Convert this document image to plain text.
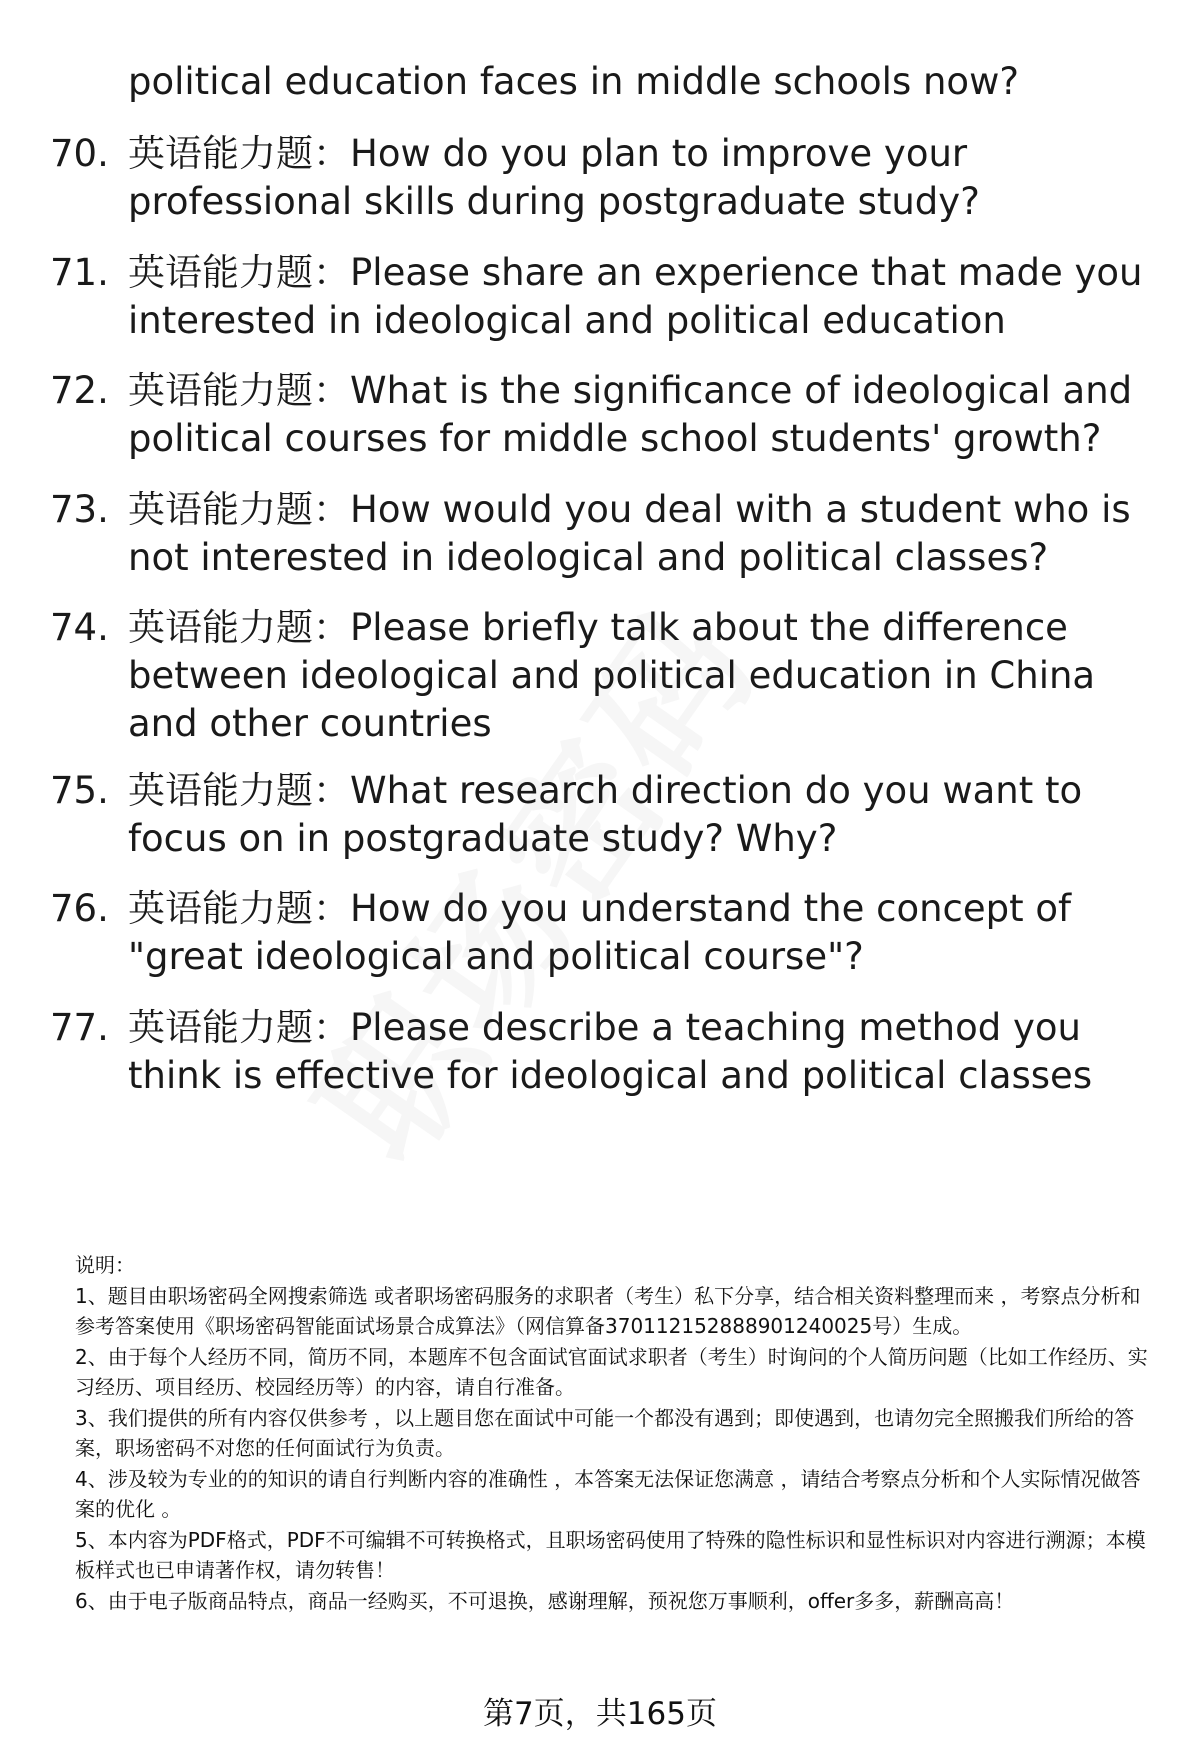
political education faces in middle schools now?
70. 英语能力题：How do you plan to improve your professional skills during postgraduate study?
71. 英语能力题：Please share an experience that made you interested in ideological and political education
72. 英语能力题：What is the significance of ideological and political courses for middle school students' growth?
73. 英语能力题：How would you deal with a student who is not interested in ideological and political classes?
74. 英语能力题：Please briefly talk about the difference between ideological and political education in China and other countries
75. 英语能力题：What research direction do you want to focus on in postgraduate study? Why?
76. 英语能力题：How do you understand the concept of "great ideological and political course"?
77. 英语能力题：Please describe a teaching method you think is effective for ideological and political classes

说明：

1、题目由职场密码全网搜索筛选 或者职场密码服务的求职者（考生）私下分享，结合相关资料整理而来 ，考察点分析和参考答案使用《职场密码智能面试场景合成算法》（网信算备370112152888901240025号）生成。

2、由于每个人经历不同，简历不同，本题库不包含面试官面试求职者（考生）时询问的个人简历问题（比如工作经历、实习经历、项目经历、校园经历等）的内容，请自行准备。

3、我们提供的所有内容仅供参考 ，以上题目您在面试中可能一个都没有遇到；即使遇到，也请勿完全照搬我们所给的答案，职场密码不对您的任何面试行为负责。

4、涉及较为专业的的知识的请自行判断内容的准确性 ，本答案无法保证您满意 ，请结合考察点分析和个人实际情况做答案的优化 。

5、本内容为PDF格式，PDF不可编辑不可转换格式，且职场密码使用了特殊的隐性标识和显性标识对内容进行溯源；本模板样式也已申请著作权，请勿转售！

6、由于电子版商品特点，商品一经购买，不可退换，感谢理解，预祝您万事顺利，offer多多，薪酬高高！

第7页，共165页
